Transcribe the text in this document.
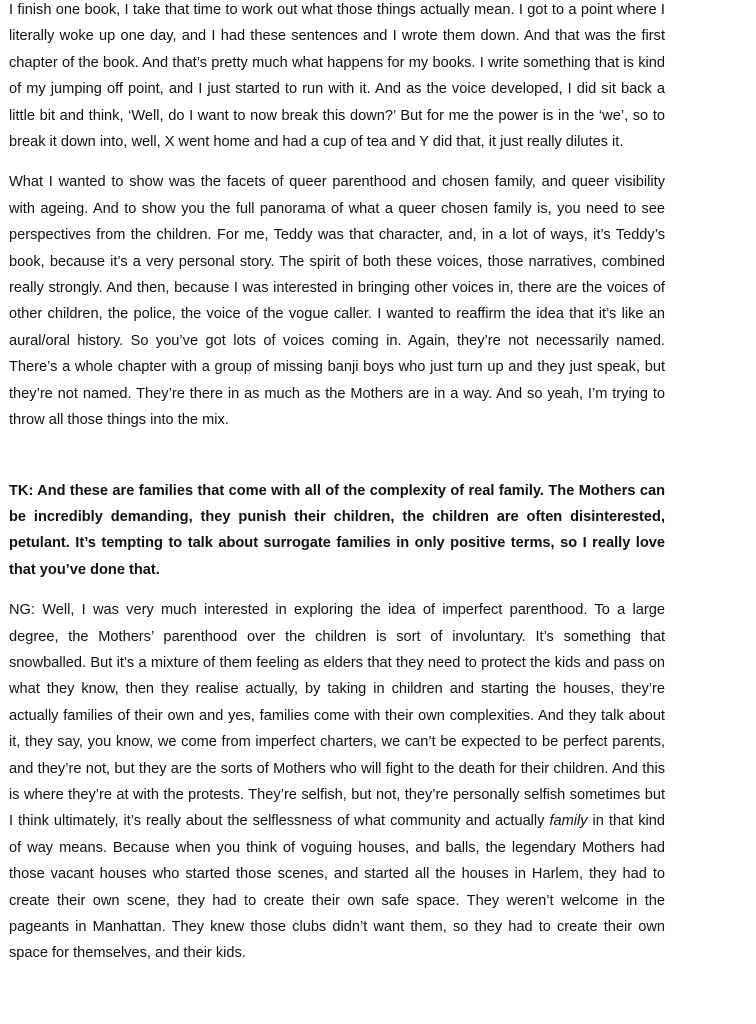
I finish one book, I take that time to work out what those things actually mean. I got to a point where I literally woke up one day, and I had these sentences and I wrote them down. And that was the first chapter of the book. And that’s pretty much what happens for my books. I write something that is kind of my jumping off point, and I just started to run with it. And as the voice developed, I did sit back a little bit and think, ‘Well, do I want to now break this down?’ But for me the power is in the ‘we’, so to break it down into, well, X went home and had a cup of tea and Y did that, it just really dilutes it.

What I wanted to show was the facets of queer parenthood and chosen family, and queer visibility with ageing. And to show you the full panorama of what a queer chosen family is, you need to see perspectives from the children. For me, Teddy was that character, and, in a lot of ways, it’s Teddy’s book, because it’s a very personal story. The spirit of both these voices, those narratives, combined really strongly. And then, because I was interested in bringing other voices in, there are the voices of other children, the police, the voice of the vogue caller. I wanted to reaffirm the idea that it’s like an aural/oral history. So you’ve got lots of voices coming in. Again, they’re not necessarily named. There’s a whole chapter with a group of missing banji boys who just turn up and they just speak, but they’re not named. They’re there in as much as the Mothers are in a way. And so yeah, I’m trying to throw all those things into the mix.

TK: And these are families that come with all of the complexity of real family. The Mothers can be incredibly demanding, they punish their children, the children are often disinterested, petulant. It’s tempting to talk about surrogate families in only positive terms, so I really love that you’ve done that.

NG: Well, I was very much interested in exploring the idea of imperfect parenthood. To a large degree, the Mothers’ parenthood over the children is sort of involuntary. It’s something that snowballed. But it’s a mixture of them feeling as elders that they need to protect the kids and pass on what they know, then they realise actually, by taking in children and starting the houses, they’re actually families of their own and yes, families come with their own complexities. And they talk about it, they say, you know, we come from imperfect charters, we can’t be expected to be perfect parents, and they’re not, but they are the sorts of Mothers who will fight to the death for their children. And this is where they’re at with the protests. They’re selfish, but not, they’re personally selfish sometimes but I think ultimately, it’s really about the selflessness of what community and actually family in that kind of way means. Because when you think of voguing houses, and balls, the legendary Mothers had those vacant houses who started those scenes, and started all the houses in Harlem, they had to create their own scene, they had to create their own safe space. They weren’t welcome in the pageants in Manhattan. They knew those clubs didn’t want them, so they had to create their own space for themselves, and their kids.
